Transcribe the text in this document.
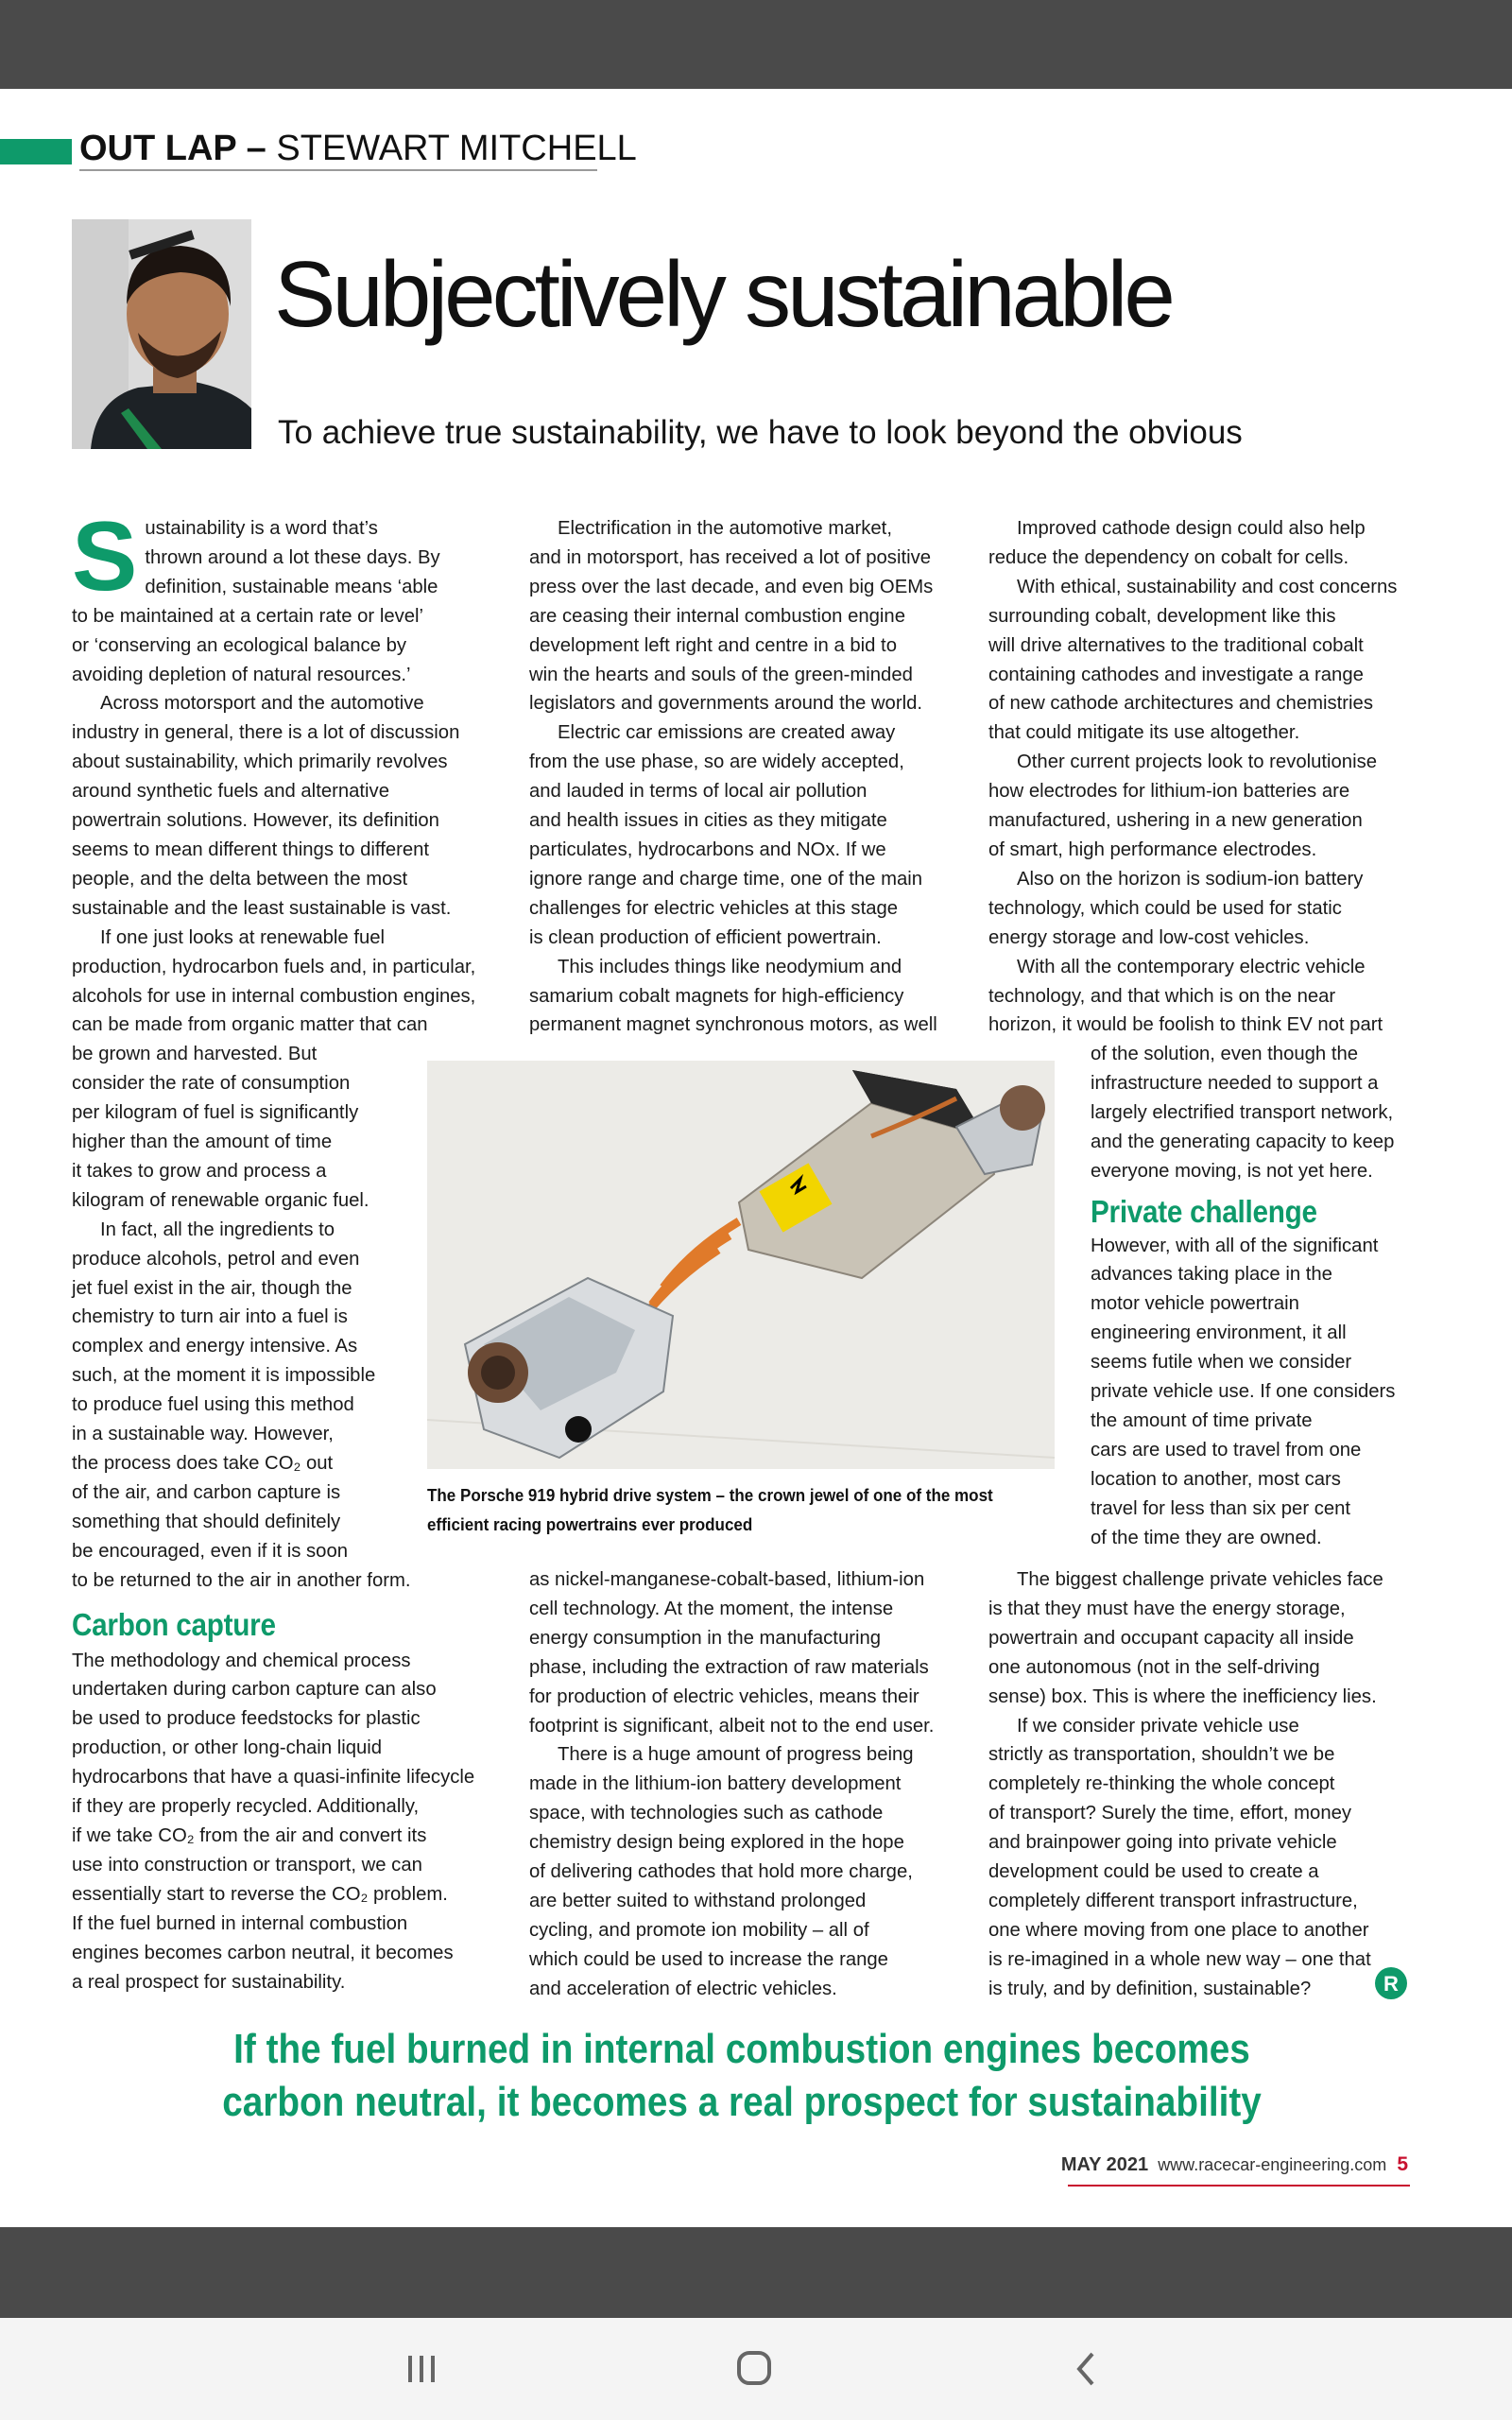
OUT LAP – STEWART MITCHELL
Subjectively sustainable
To achieve true sustainability, we have to look beyond the obvious
S ustainability is a word that’s

thrown around a lot these days. By

definition, sustainable means ‘able

to be maintained at a certain rate or level’

or ‘conserving an ecological balance by

avoiding depletion of natural resources.’

Across motorsport and the automotive

industry in general, there is a lot of discussion

about sustainability, which primarily revolves

around synthetic fuels and alternative

powertrain solutions. However, its definition

seems to mean different things to different

people, and the delta between the most

sustainable and the least sustainable is vast.

If one just looks at renewable fuel

production, hydrocarbon fuels and, in particular,

alcohols for use in internal combustion engines,

can be made from organic matter that can

be grown and harvested. But

consider the rate of consumption

per kilogram of fuel is significantly

higher than the amount of time

it takes to grow and process a

kilogram of renewable organic fuel.

In fact, all the ingredients to

produce alcohols, petrol and even

jet fuel exist in the air, though the

chemistry to turn air into a fuel is

complex and energy intensive. As

such, at the moment it is impossible

to produce fuel using this method

in a sustainable way. However,

the process does take CO₂ out

of the air, and carbon capture is

something that should definitely

be encouraged, even if it is soon

to be returned to the air in another form.

Carbon capture

The methodology and chemical process

undertaken during carbon capture can also

be used to produce feedstocks for plastic

production, or other long-chain liquid

hydrocarbons that have a quasi-infinite lifecycle

if they are properly recycled. Additionally,

if we take CO₂ from the air and convert its

use into construction or transport, we can

essentially start to reverse the CO₂ problem.

If the fuel burned in internal combustion

engines becomes carbon neutral, it becomes

a real prospect for sustainability.

Electrification in the automotive market,

and in motorsport, has received a lot of positive

press over the last decade, and even big OEMs

are ceasing their internal combustion engine

development left right and centre in a bid to

win the hearts and souls of the green-minded

legislators and governments around the world.

Electric car emissions are created away

from the use phase, so are widely accepted,

and lauded in terms of local air pollution

and health issues in cities as they mitigate

particulates, hydrocarbons and NOx. If we

ignore range and charge time, one of the main

challenges for electric vehicles at this stage

is clean production of efficient powertrain.

This includes things like neodymium and

samarium cobalt magnets for high-efficiency

permanent magnet synchronous motors, as well

as nickel-manganese-cobalt-based, lithium-ion

cell technology. At the moment, the intense

energy consumption in the manufacturing

phase, including the extraction of raw materials

for production of electric vehicles, means their

footprint is significant, albeit not to the end user.

There is a huge amount of progress being

made in the lithium-ion battery development

space, with technologies such as cathode

chemistry design being explored in the hope

of delivering cathodes that hold more charge,

are better suited to withstand prolonged

cycling, and promote ion mobility – all of

which could be used to increase the range

and acceleration of electric vehicles.

Improved cathode design could also help

reduce the dependency on cobalt for cells.

With ethical, sustainability and cost concerns

surrounding cobalt, development like this

will drive alternatives to the traditional cobalt

containing cathodes and investigate a range

of new cathode architectures and chemistries

that could mitigate its use altogether.

Other current projects look to revolutionise

how electrodes for lithium-ion batteries are

manufactured, ushering in a new generation

of smart, high performance electrodes.

Also on the horizon is sodium-ion battery

technology, which could be used for static

energy storage and low-cost vehicles.

With all the contemporary electric vehicle

technology, and that which is on the near

horizon, it would be foolish to think EV not part

of the solution, even though the

infrastructure needed to support a

largely electrified transport network,

and the generating capacity to keep

everyone moving, is not yet here.

Private challenge

However, with all of the significant

advances taking place in the

motor vehicle powertrain

engineering environment, it all

seems futile when we consider

private vehicle use. If one considers

the amount of time private

cars are used to travel from one

location to another, most cars

travel for less than six per cent

of the time they are owned.

The biggest challenge private vehicles face

is that they must have the energy storage,

powertrain and occupant capacity all inside

one autonomous (not in the self-driving

sense) box. This is where the inefficiency lies.

If we consider private vehicle use

strictly as transportation, shouldn’t we be

completely re-thinking the whole concept

of transport? Surely the time, effort, money

and brainpower going into private vehicle

development could be used to create a

completely different transport infrastructure,

one where moving from one place to another

is re-imagined in a whole new way – one that

is truly, and by definition, sustainable?

The Porsche 919 hybrid drive system – the crown jewel of one of the most
efficient racing powertrains ever produced
R
If the fuel burned in internal combustion engines becomes
carbon neutral, it becomes a real prospect for sustainability
MAY 2021 www.racecar-engineering.com 5
